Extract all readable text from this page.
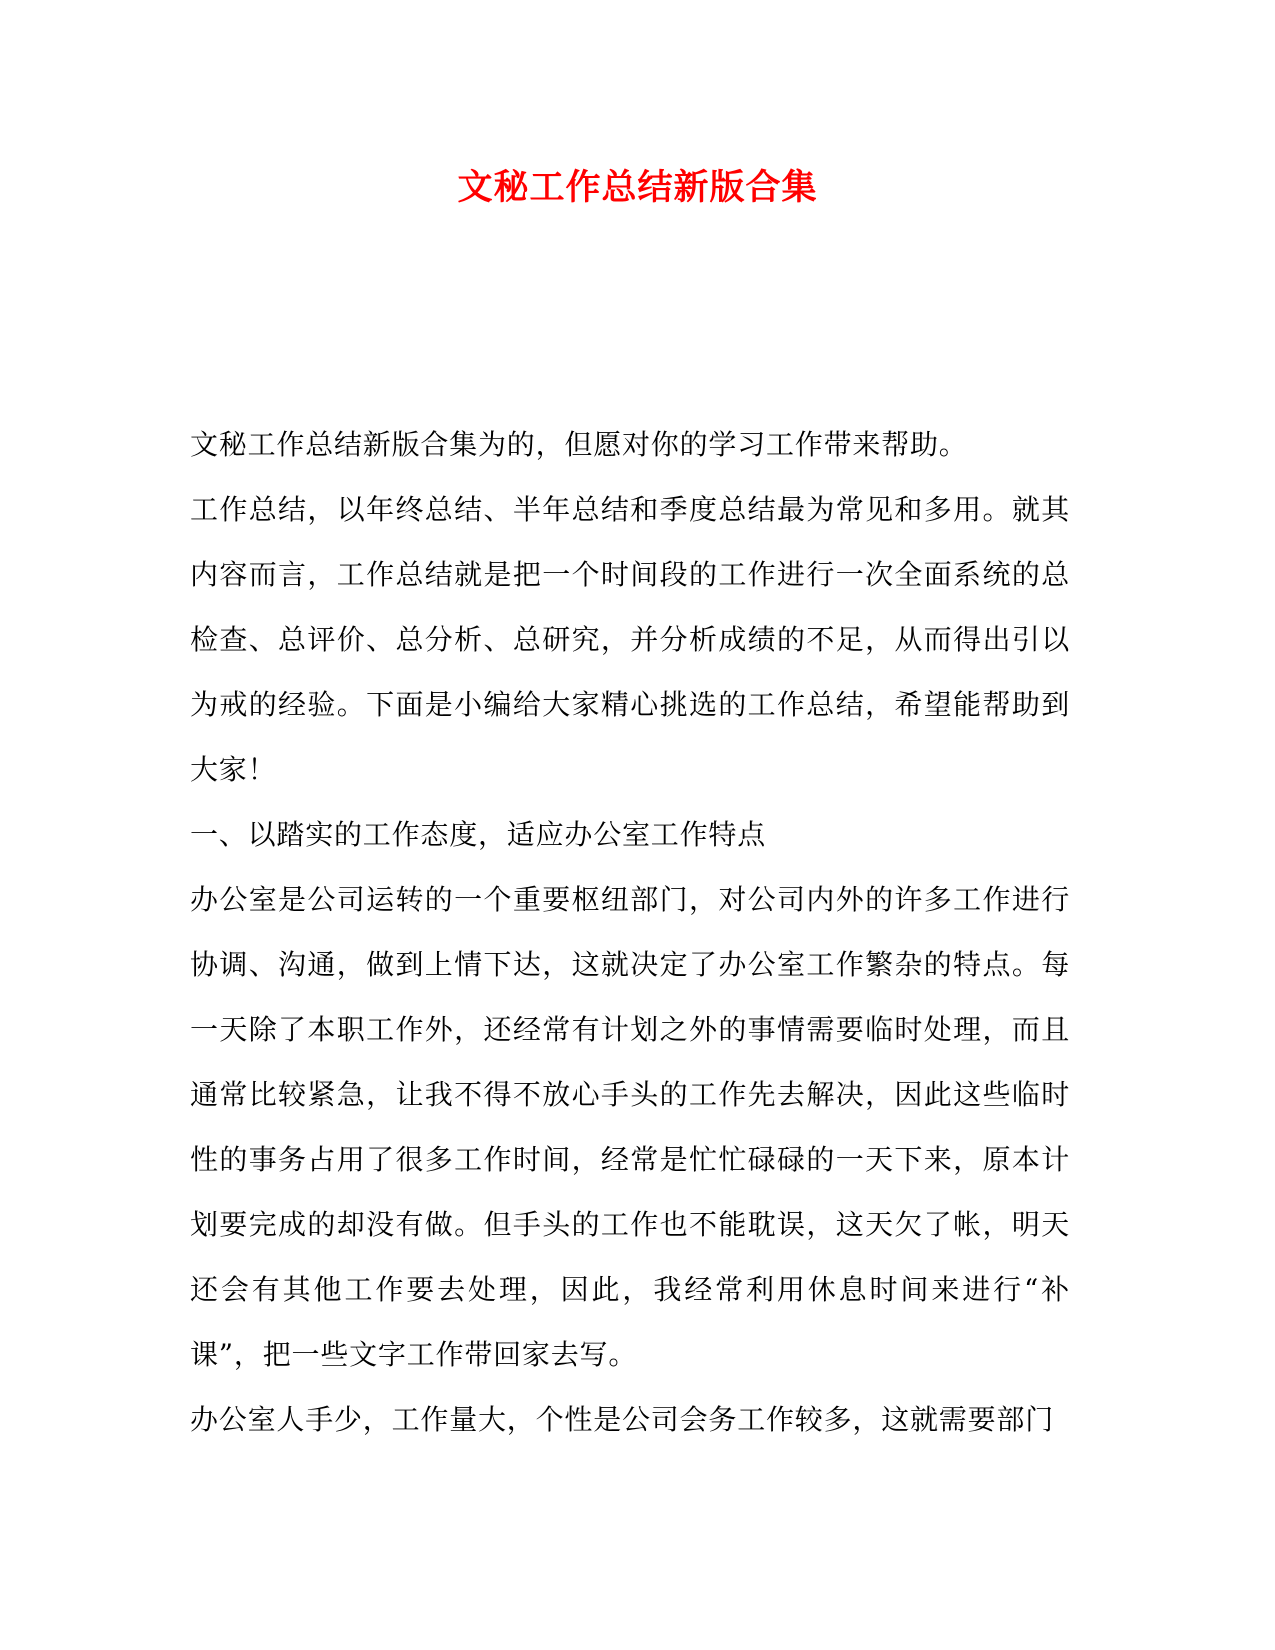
文秘工作总结新版合集

文秘工作总结新版合集为的，但愿对你的学习工作带来帮助。

工作总结，以年终总结、半年总结和季度总结最为常见和多用。就其内容而言，工作总结就是把一个时间段的工作进行一次全面系统的总检查、总评价、总分析、总研究，并分析成绩的不足，从而得出引以为戒的经验。下面是小编给大家精心挑选的工作总结，希望能帮助到大家！

一、以踏实的工作态度，适应办公室工作特点

办公室是公司运转的一个重要枢纽部门，对公司内外的许多工作进行协调、沟通，做到上情下达，这就决定了办公室工作繁杂的特点。每一天除了本职工作外，还经常有计划之外的事情需要临时处理，而且通常比较紧急，让我不得不放心手头的工作先去解决，因此这些临时性的事务占用了很多工作时间，经常是忙忙碌碌的一天下来，原本计划要完成的却没有做。但手头的工作也不能耽误，这天欠了帐，明天还会有其他工作要去处理，因此，我经常利用休息时间来进行“补课”，把一些文字工作带回家去写。

办公室人手少，工作量大，个性是公司会务工作较多，这就需要部门
